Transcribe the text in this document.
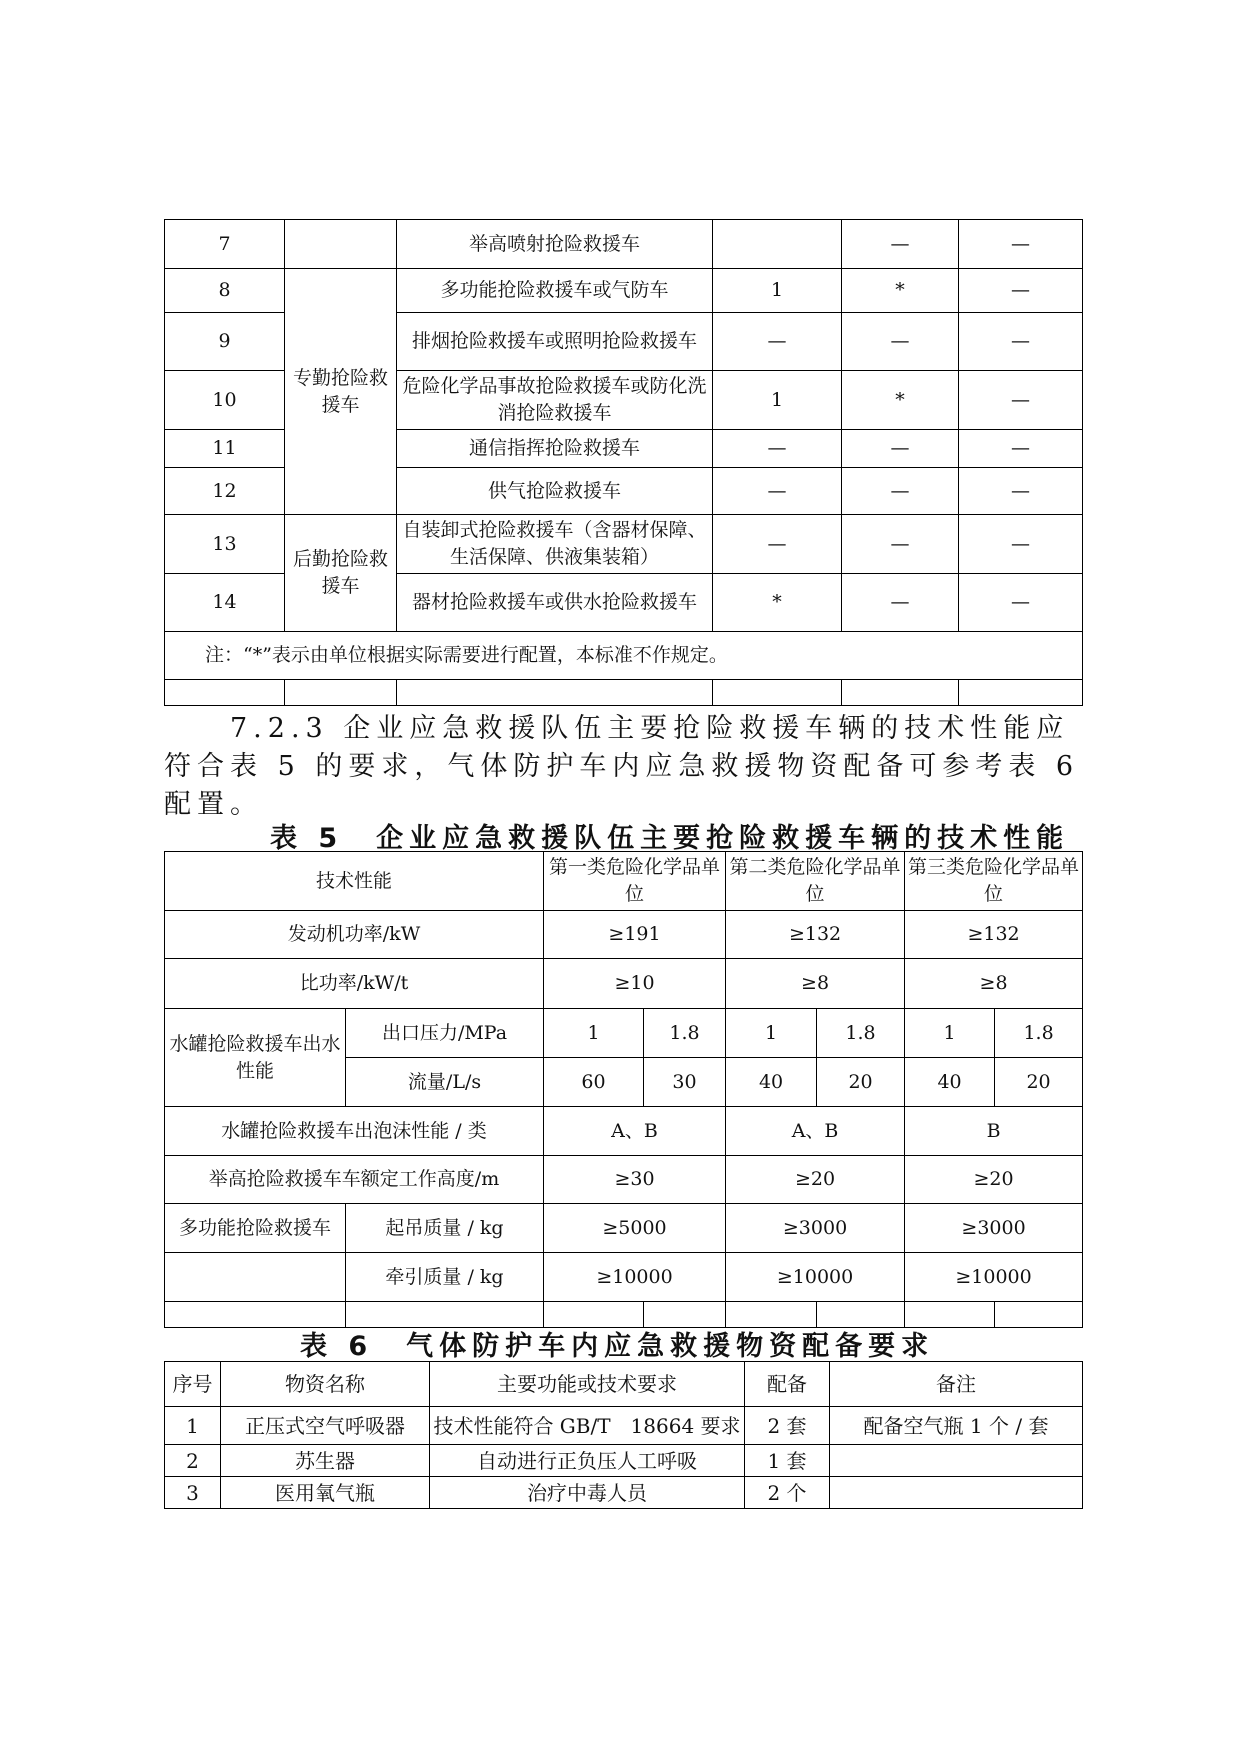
7		举高喷射抢险救援车		—	—
8	专勤抢险救援车	多功能抢险救援车或气防车	1	*	—
9		排烟抢险救援车或照明抢险救援车	—	—	—
10		危险化学品事故抢险救援车或防化洗消抢险救援车	1	*	—
11		通信指挥抢险救援车	—	—	—
12		供气抢险救援车	—	—	—
13	后勤抢险救援车	自装卸式抢险救援车（含器材保障、生活保障、供液集装箱）	—	—	—
14		器材抢险救援车或供水抢险救援车	*	—	—
注：“*”表示由单位根据实际需要进行配置，本标准不作规定。					

7.2.3 企业应急救援队伍主要抢险救援车辆的技术性能应
符合表 5 的要求，气体防护车内应急救援物资配备可参考表 6
配置。
表 5　企业应急救援队伍主要抢险救援车辆的技术性能
技术性能		第一类危险化学品单位		第二类危险化学品单位		第三类危险化学品单位	
发动机功率/kW		≥191		≥132		≥132	
比功率/kW/t		≥10		≥8		≥8	
水罐抢险救援车出水性能	出口压力/MPa	1	1.8	1	1.8	1	1.8
	流量/L/s	60	30	40	20	40	20
水罐抢险救援车出泡沫性能 / 类		A、B		A、B		B	
举高抢险救援车车额定工作高度/m		≥30		≥20		≥20	
多功能抢险救援车	起吊质量 / kg	≥5000		≥3000		≥3000	
	牵引质量 / kg	≥10000		≥10000		≥10000	

表 6　气体防护车内应急救援物资配备要求
序号	物资名称	主要功能或技术要求	配备	备注
1	正压式空气呼吸器	技术性能符合 GB/T　18664 要求	2 套	配备空气瓶 1 个 / 套
2	苏生器	自动进行正负压人工呼吸	1 套	
3	医用氧气瓶	治疗中毒人员	2 个	
